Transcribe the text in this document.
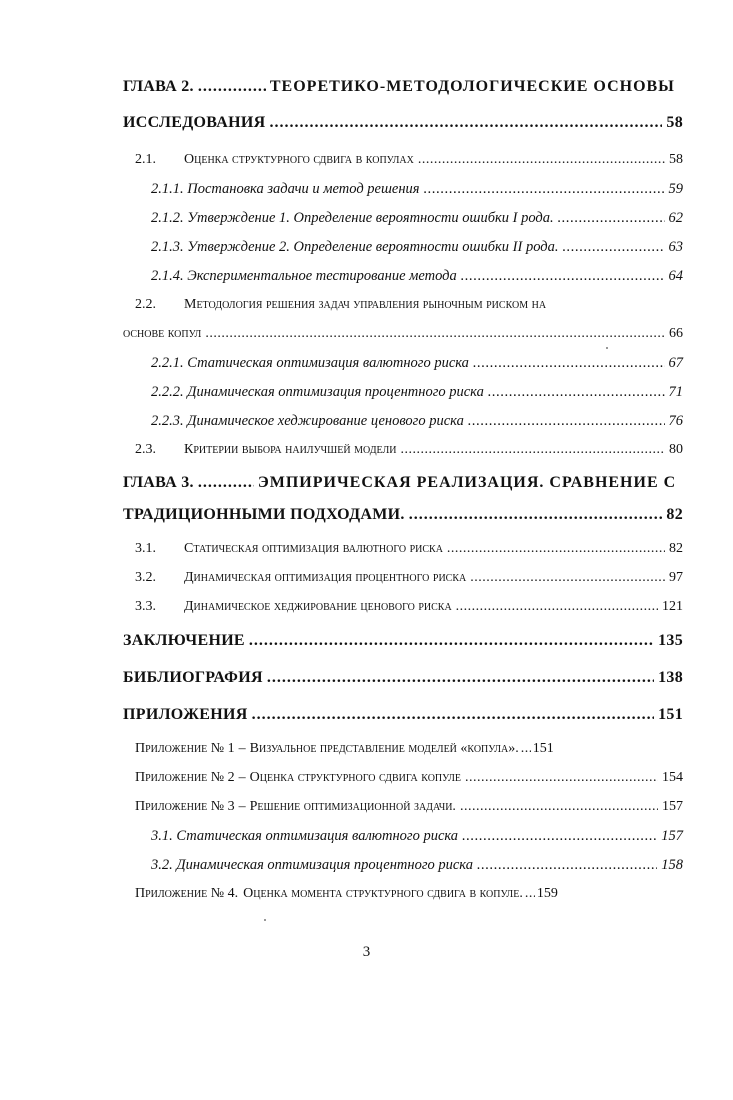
ГЛАВА 2. . . .	ТЕОРЕТИКО-МЕТОДОЛОГИЧЕСКИЕ ОСНОВЫ
ИССЛЕДОВАНИЯ . . .	58
2.1. Оценка структурного сдвига в копулах . . .	58
2.1.1. Постановка задачи и метод решения . . .	59
2.1.2. Утверждение 1. Определение вероятности ошибки I рода. . . .	62
2.1.3. Утверждение 2. Определение вероятности ошибки II рода. . . .	63
2.1.4. Экспериментальное тестирование метода . . .	64
2.2. Методология решения задач управления рыночным риском на
основе копул . . .	66
2.2.1. Статическая оптимизация валютного риска . . .	67
2.2.2. Динамическая оптимизация процентного риска . . .	71
2.2.3. Динамическое хеджирование ценового риска . . .	76
2.3. Критерии выбора наилучшей модели . . .	80
ГЛАВА 3. . . .	ЭМПИРИЧЕСКАЯ РЕАЛИЗАЦИЯ. СРАВНЕНИЕ С
ТРАДИЦИОННЫМИ ПОДХОДАМИ. . . .	82
3.1. Статическая оптимизация валютного риска . . .	82
3.2. Динамическая оптимизация процентного риска . . .	97
3.3. Динамическое хеджирование ценового риска . . .	121
ЗАКЛЮЧЕНИЕ . . .	135
БИБЛИОГРАФИЯ . . .	138
ПРИЛОЖЕНИЯ . . .	151
Приложение № 1 – Визуальное представление моделей «копула». . . . 151
Приложение № 2 – Оценка структурного сдвига копуле . . .	154
Приложение № 3 – Решение оптимизационной задачи. . . .	157
3.1. Статическая оптимизация валютного риска . . .	157
3.2. Динамическая оптимизация процентного риска . . .	158
Приложение № 4. Оценка момента структурного сдвига в копуле. . . . 159
3
